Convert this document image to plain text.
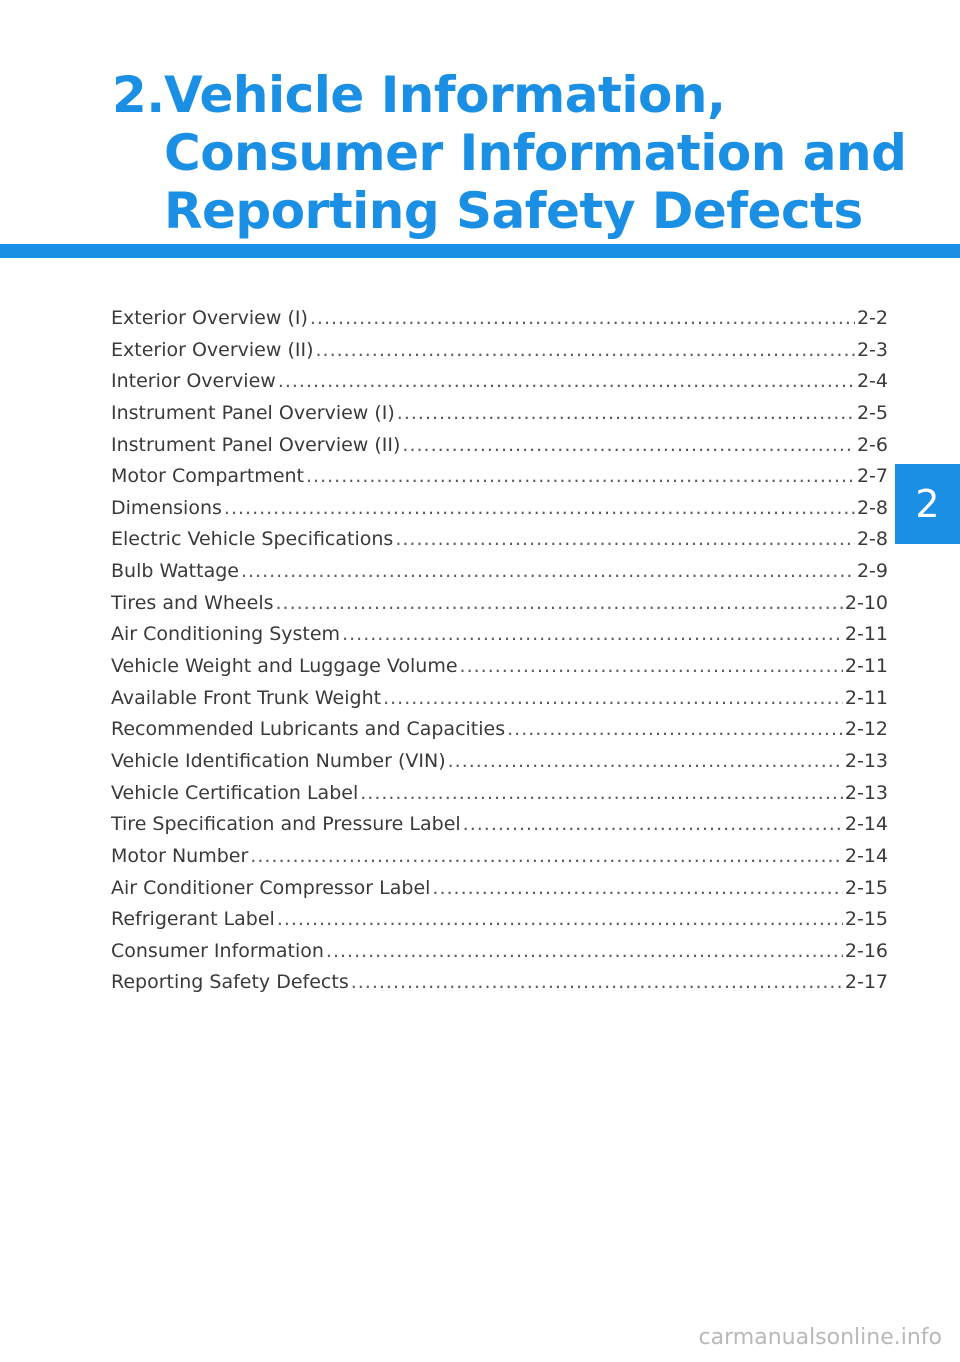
2.Vehicle Information,
Consumer Information and
Reporting Safety Defects
Exterior Overview (I) .....	2-2
Exterior Overview (II) .....	2-3
Interior Overview .....	2-4
Instrument Panel Overview (I) .....	2-5
Instrument Panel Overview (II) .....	2-6
Motor Compartment .....	2-7
Dimensions .....	2-8
Electric Vehicle Specifications .....	2-8
Bulb Wattage .....	2-9
Tires and Wheels .....	2-10
Air Conditioning System .....	2-11
Vehicle Weight and Luggage Volume .....	2-11
Available Front Trunk Weight .....	2-11
Recommended Lubricants and Capacities .....	2-12
Vehicle Identification Number (VIN) .....	2-13
Vehicle Certification Label .....	2-13
Tire Specification and Pressure Label .....	2-14
Motor Number .....	2-14
Air Conditioner Compressor Label .....	2-15
Refrigerant Label .....	2-15
Consumer Information .....	2-16
Reporting Safety Defects .....	2-17
2
carmanualsonline.info
